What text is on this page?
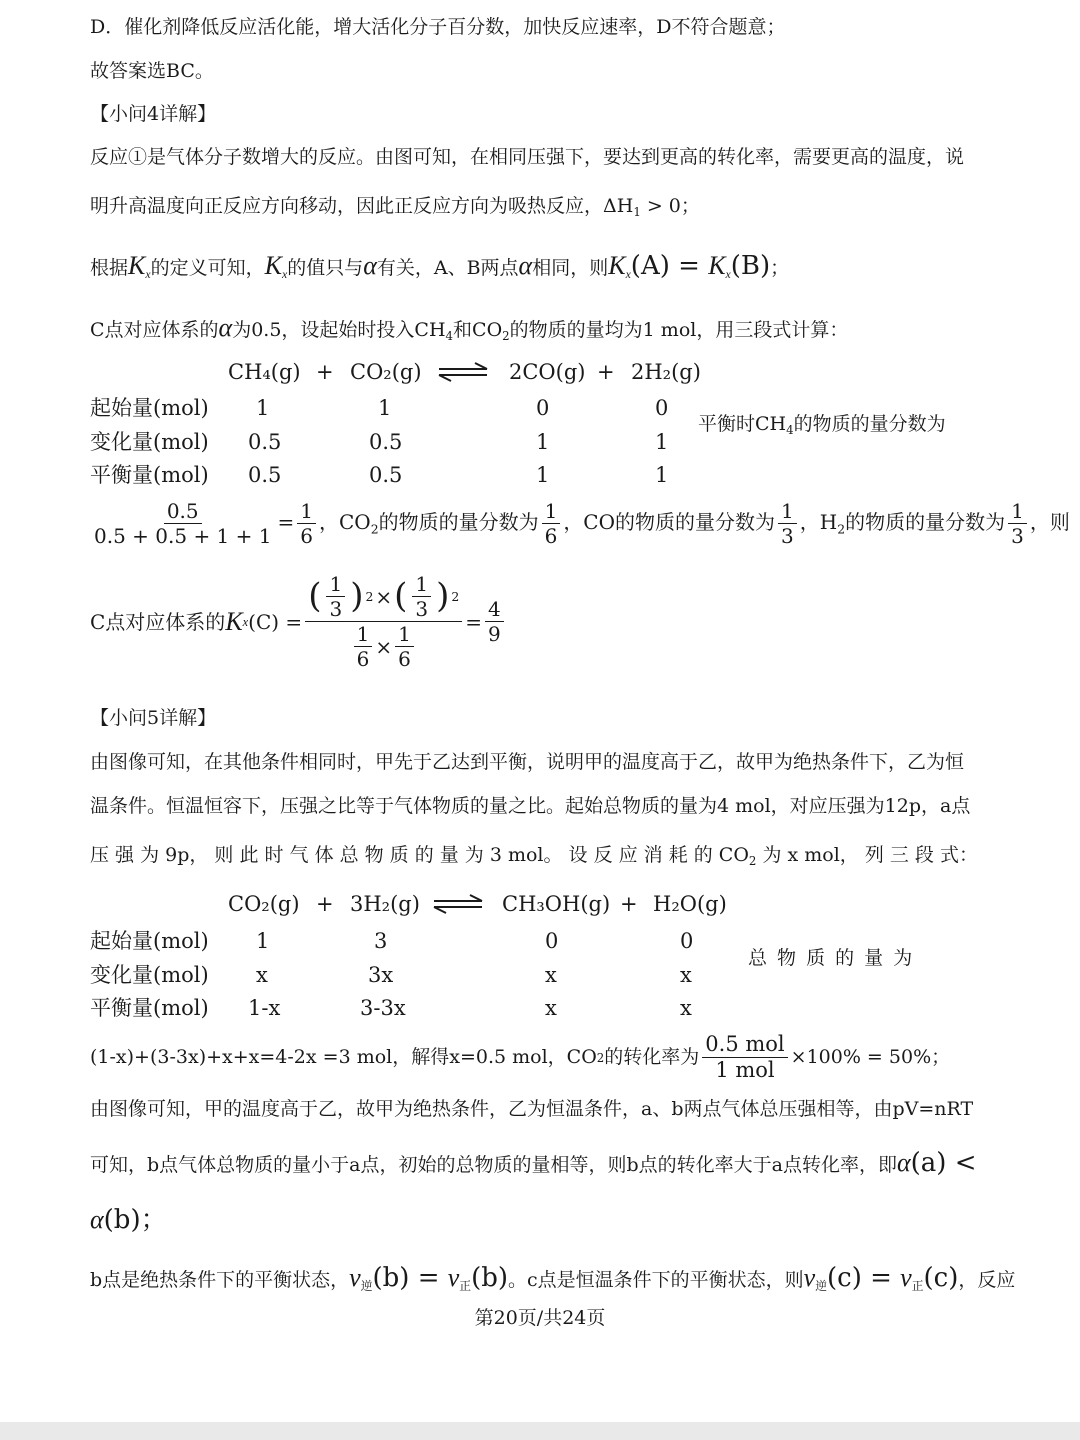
D．催化剂降低反应活化能，增大活化分子百分数，加快反应速率，D不符合题意；
故答案选BC。
【小问4详解】
反应①是气体分子数增大的反应。由图可知，在相同压强下，要达到更高的转化率，需要更高的温度，说
明升高温度向正反应方向移动，因此正反应方向为吸热反应，$\Delta H_1 > 0$；
根据$K_x$的定义可知，$K_x$的值只与α有关，A、B两点α相同，则$K_x(A) = K_x(B)$；
C点对应体系的α为0.5，设起始时投入$CH_4$和$CO_2$的物质的量均为1 mol，用三段式计算：
CH₄(g) + CO₂(g) ⇌ 2CO(g) + 2H₂(g)
起始量(mol) 1	1	0	0
变化量(mol) 0.5	0.5	1	1
平衡量(mol) 0.5	0.5	1	1
平衡时$CH_4$的物质的量分数为
$\frac{0.5}{0.5 + 0.5 + 1 + 1} = \frac{1}{6}$ ，$CO_2$的物质的量分数为 $\frac{1}{6}$ ，CO的物质的量分数为 $\frac{1}{3}$ ，$H_2$的物质的量分数为 $\frac{1}{3}$ ，则
C点对应体系的 K x $(C) = \frac{( \frac{1}{3} ) 2 \times ( \frac{1}{3} ) 2}{\frac{1}{6} \times \frac{1}{6}} = \frac{4}{9}$
【小问5详解】
由图像可知，在其他条件相同时，甲先于乙达到平衡，说明甲的温度高于乙，故甲为绝热条件下，乙为恒
温条件。恒温恒容下，压强之比等于气体物质的量之比。起始总物质的量为4 mol，对应压强为12p，a点
压 强 为 9p， 则 此 时 气 体 总 物 质 的 量 为 3 mol。 设 反 应 消 耗 的 $CO_2$ 为 x mol， 列 三 段 式：
CO₂(g) + 3H₂(g) ⇌ CH₃OH(g) + H₂O(g)
起始量(mol) 1	3	0	0
变化量(mol) x	3x	x	x
平衡量(mol) 1-x	3-3x	x	x
总 物 质 的 量 为
(1-x)+(3-3x)+x+x=4-2x =3 mol，解得x=0.5 mol， CO 2 的转化率为 $\frac{\text{0.5 mol}}{\text{1 mol}} \times 100\% = 50\%$；
由图像可知，甲的温度高于乙，故甲为绝热条件，乙为恒温条件，a、b两点气体总压强相等，由pV=nRT
可知，b点气体总物质的量小于a点，初始的总物质的量相等，则b点的转化率大于a点转化率，即α(a) <
α(b)；
b点是绝热条件下的平衡状态，$v_逆(b) = v_正(b)$。c点是恒温条件下的平衡状态，则$v_逆(c) = v_正(c)$，反应
第20页/共24页
